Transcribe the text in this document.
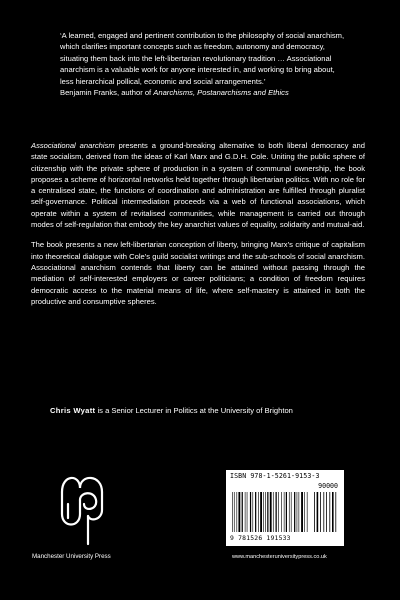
‘A learned, engaged and pertinent contribution to the philosophy of social anarchism, which clarifies important concepts such as freedom, autonomy and democracy, situating them back into the left-libertarian revolutionary tradition … Associational anarchism is a valuable work for anyone interested in, and working to bring about, less hierarchical pollical, economic and social arrangements.’

Benjamin Franks, author of Anarchisms, Postanarchisms and Ethics

Associational anarchism presents a ground-breaking alternative to both liberal democracy and state socialism, derived from the ideas of Karl Marx and G.D.H. Cole. Uniting the public sphere of citizenship with the private sphere of production in a system of communal ownership, the book proposes a scheme of horizontal networks held together through libertarian politics. With no role for a centralised state, the functions of coordination and administration are fulfilled through pluralist self-governance. Political intermediation proceeds via a web of functional associations, which operate within a system of revitalised communities, while management is carried out through modes of self-regulation that embody the key anarchist values of equality, solidarity and mutual-aid.

The book presents a new left-libertarian conception of liberty, bringing Marx’s critique of capitalism into theoretical dialogue with Cole’s guild socialist writings and the sub-schools of social anarchism. Associational anarchism contends that liberty can be attained without passing through the mediation of self-interested employers or career politicians; a condition of freedom requires democratic access to the material means of life, where self-mastery is attained in both the productive and consumptive spheres.

Chris Wyatt is a Senior Lecturer in Politics at the University of Brighton
Manchester University Press
ISBN 978-1-5261-9153-3
90000
9 781526 191533
www.manchesteruniversitypress.co.uk
